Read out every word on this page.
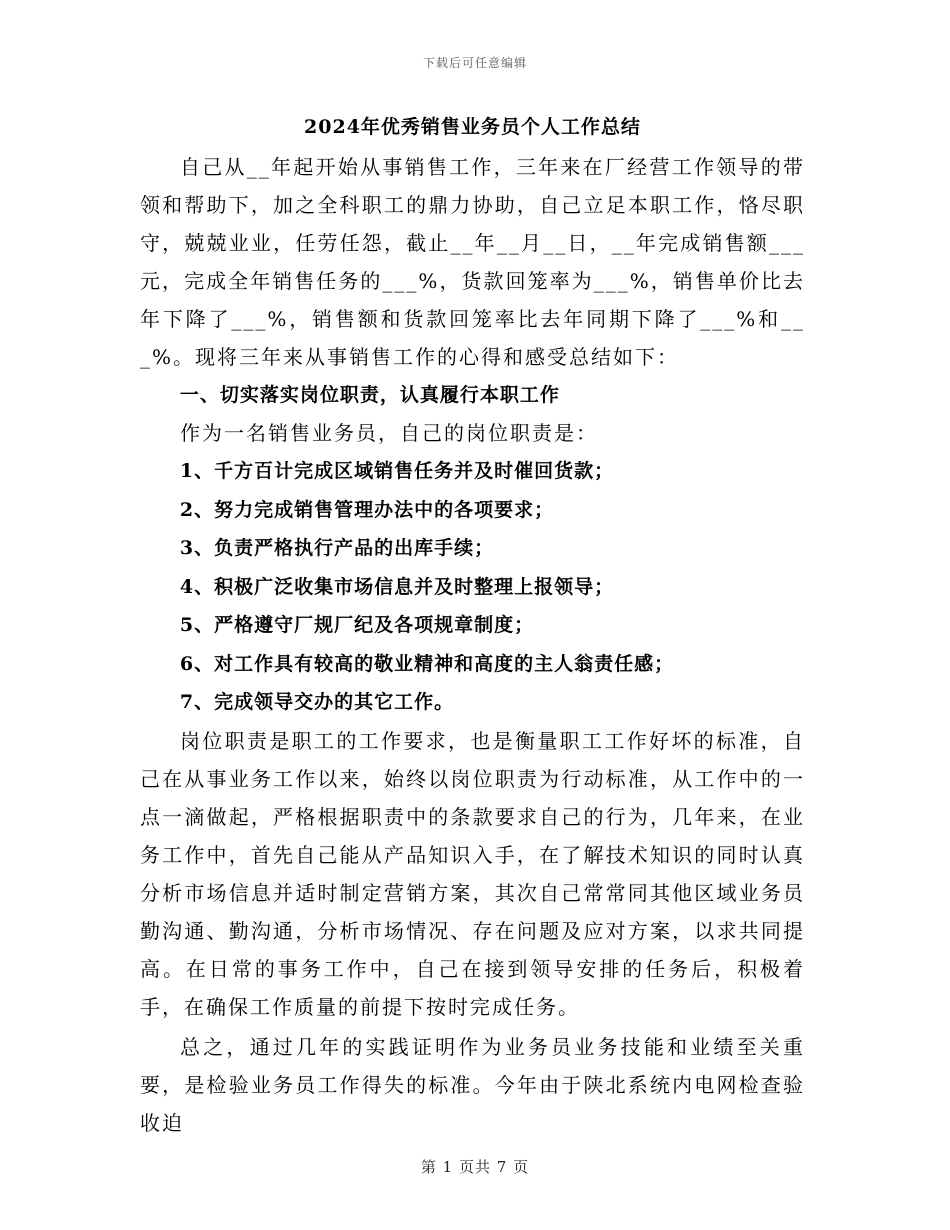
下载后可任意编辑
2024年优秀销售业务员个人工作总结

自己从__年起开始从事销售工作，三年来在厂经营工作领导的带领和帮助下，加之全科职工的鼎力协助，自己立足本职工作，恪尽职守，兢兢业业，任劳任怨，截止__年__月__日，__年完成销售额___元，完成全年销售任务的___%，货款回笼率为___%，销售单价比去年下降了___%，销售额和货款回笼率比去年同期下降了___%和___%。现将三年来从事销售工作的心得和感受总结如下：

一、切实落实岗位职责，认真履行本职工作

作为一名销售业务员，自己的岗位职责是：

1、千方百计完成区域销售任务并及时催回货款；

2、努力完成销售管理办法中的各项要求；

3、负责严格执行产品的出库手续；

4、积极广泛收集市场信息并及时整理上报领导；

5、严格遵守厂规厂纪及各项规章制度；

6、对工作具有较高的敬业精神和高度的主人翁责任感；

7、完成领导交办的其它工作。

岗位职责是职工的工作要求，也是衡量职工工作好坏的标准，自己在从事业务工作以来，始终以岗位职责为行动标准，从工作中的一点一滴做起，严格根据职责中的条款要求自己的行为，几年来，在业务工作中，首先自己能从产品知识入手，在了解技术知识的同时认真分析市场信息并适时制定营销方案，其次自己常常同其他区域业务员勤沟通、勤沟通，分析市场情况、存在问题及应对方案，以求共同提高。在日常的事务工作中，自己在接到领导安排的任务后，积极着手，在确保工作质量的前提下按时完成任务。

总之，通过几年的实践证明作为业务员业务技能和业绩至关重要，是检验业务员工作得失的标准。今年由于陕北系统内电网检查验收迫

第 1 页共 7 页
